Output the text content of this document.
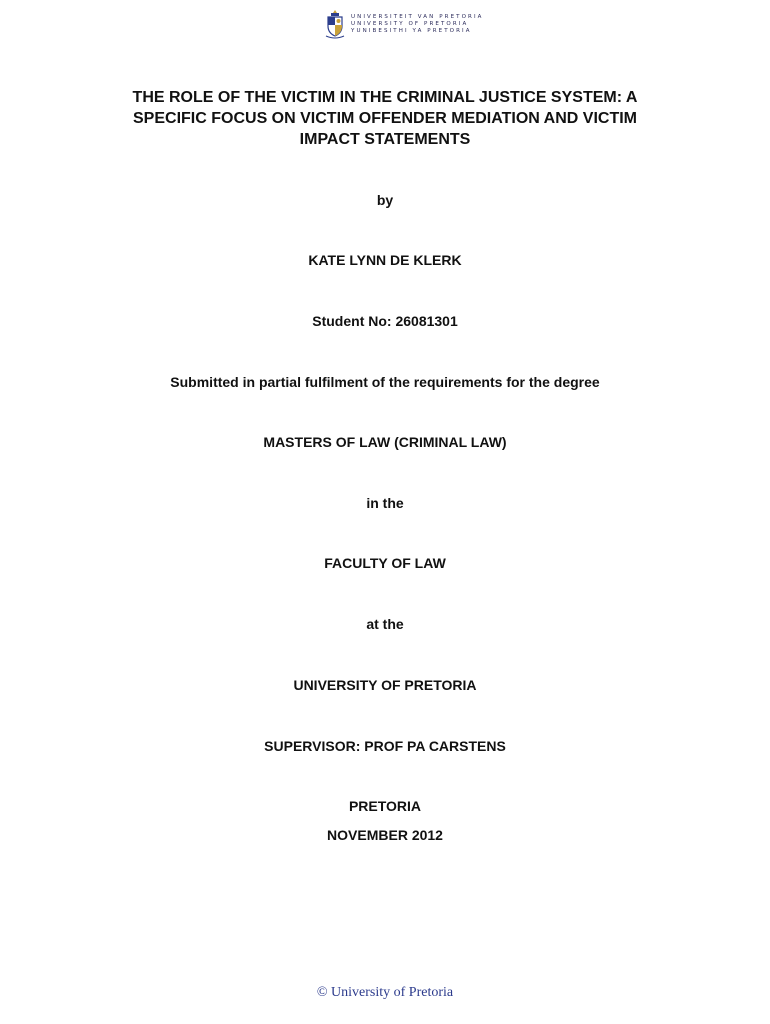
UNIVERSITEIT VAN PRETORIA
UNIVERSITY OF PRETORIA
YUNIBESITHI YA PRETORIA
THE ROLE OF THE VICTIM IN THE CRIMINAL JUSTICE SYSTEM: A
SPECIFIC FOCUS ON VICTIM OFFENDER MEDIATION AND VICTIM
IMPACT STATEMENTS
by
KATE LYNN DE KLERK
Student No: 26081301
Submitted in partial fulfilment of the requirements for the degree
MASTERS OF LAW (CRIMINAL LAW)
in the
FACULTY OF LAW
at the
UNIVERSITY OF PRETORIA
SUPERVISOR: PROF PA CARSTENS
PRETORIA
NOVEMBER 2012
© University of Pretoria
